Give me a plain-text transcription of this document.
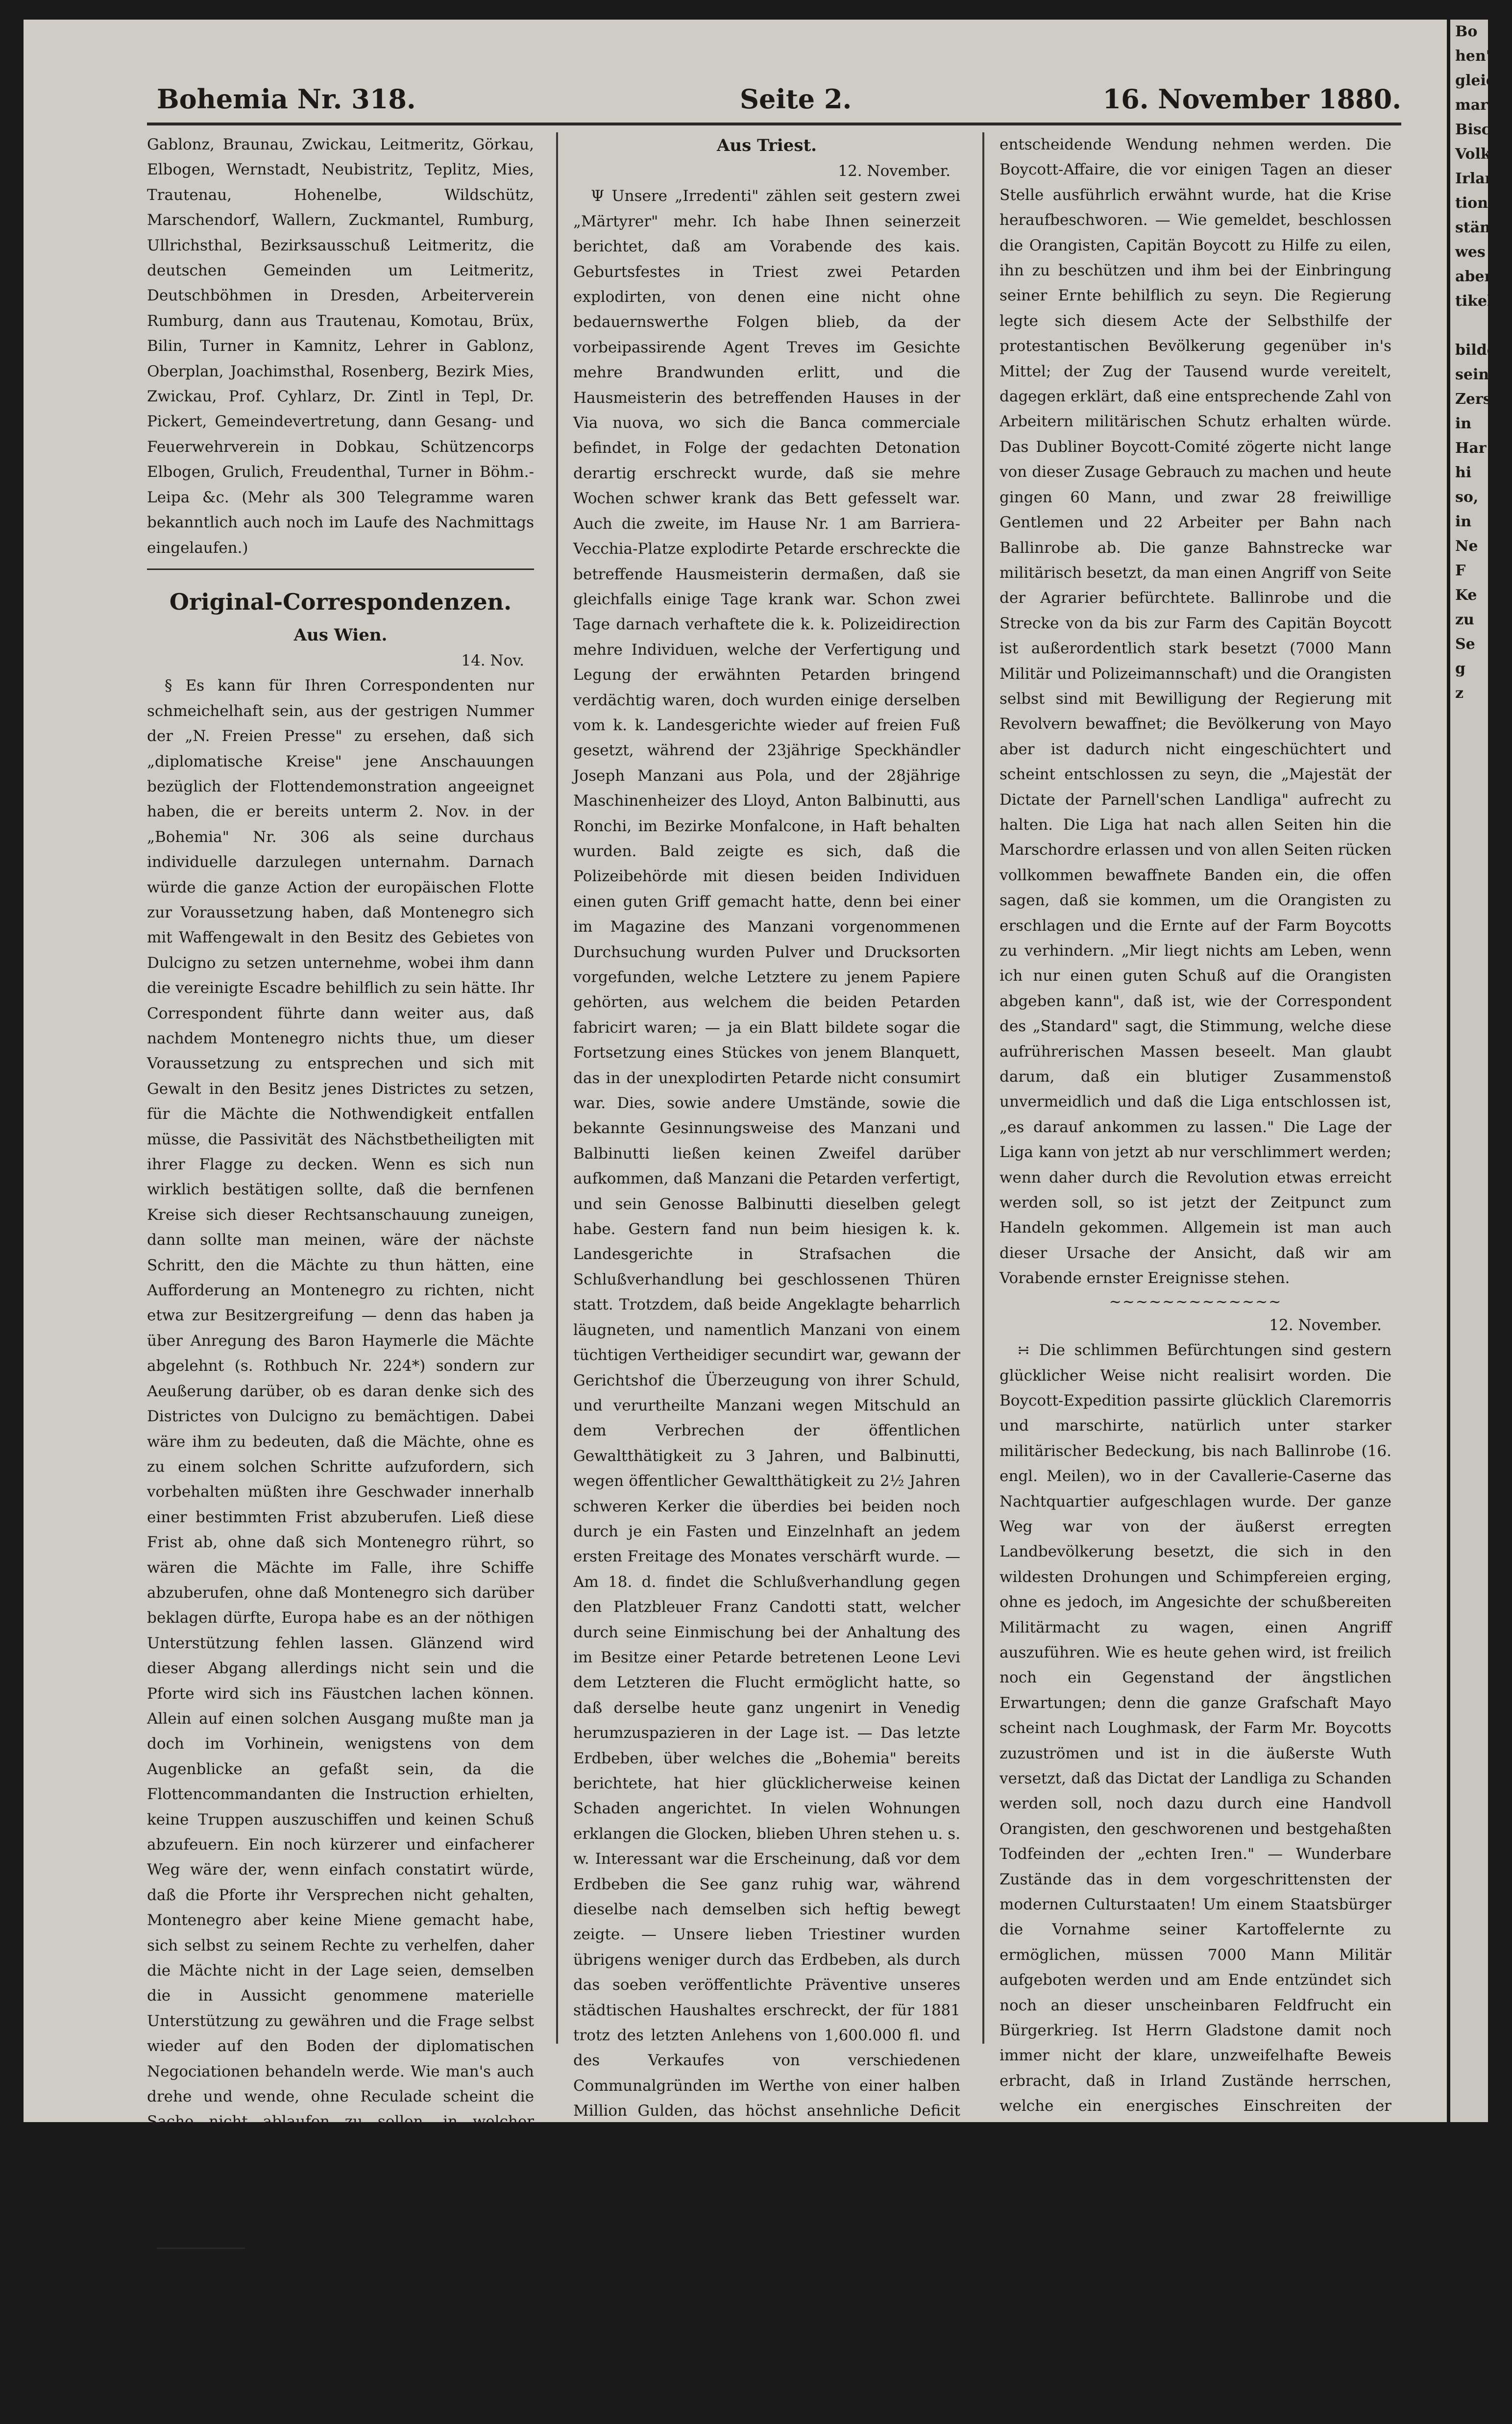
Bo
hen"
gleich
marter
Bischo
Volk
Irlan
tion
stände
wes
abend
tikel

bilde
seine
Zers
in
Har
hi
so,
in
Ne
F
Ke
zu
Se
g
z
Bohemia Nr. 318.	Seite 2.	16. November 1880.

Gablonz, Braunau, Zwickau, Leitmeritz, Görkau, Elbogen, Wernstadt, Neubistritz, Teplitz, Mies, Trautenau, Hohenelbe, Wildschütz, Marschendorf, Wallern, Zuckmantel, Rumburg, Ullrichsthal, Bezirksausschuß Leitmeritz, die deutschen Gemeinden um Leitmeritz, Deutschböhmen in Dresden, Arbeiterverein Rumburg, dann aus Trautenau, Komotau, Brüx, Bilin, Turner in Kamnitz, Lehrer in Gablonz, Oberplan, Joachimsthal, Rosenberg, Bezirk Mies, Zwickau, Prof. Cyhlarz, Dr. Zintl in Tepl, Dr. Pickert, Gemeindevertretung, dann Gesang- und Feuerwehrverein in Dobkau, Schützencorps Elbogen, Grulich, Freudenthal, Turner in Böhm.-Leipa &c. (Mehr als 300 Telegramme waren bekanntlich auch noch im Laufe des Nachmittags eingelaufen.)

Original-Correspondenzen.
Aus Wien.
14. Nov.

§ Es kann für Ihren Correspondenten nur schmeichelhaft sein, aus der gestrigen Nummer der „N. Freien Presse" zu ersehen, daß sich „diplomatische Kreise" jene Anschauungen bezüglich der Flottendemonstration angeeignet haben, die er bereits unterm 2. Nov. in der „Bohemia" Nr. 306 als seine durchaus individuelle darzulegen unternahm. Darnach würde die ganze Action der europäischen Flotte zur Voraussetzung haben, daß Montenegro sich mit Waffengewalt in den Besitz des Gebietes von Dulcigno zu setzen unternehme, wobei ihm dann die vereinigte Escadre behilflich zu sein hätte. Ihr Correspondent führte dann weiter aus, daß nachdem Montenegro nichts thue, um dieser Voraussetzung zu entsprechen und sich mit Gewalt in den Besitz jenes Districtes zu setzen, für die Mächte die Nothwendigkeit entfallen müsse, die Passivität des Nächstbetheiligten mit ihrer Flagge zu decken. Wenn es sich nun wirklich bestätigen sollte, daß die bernfenen Kreise sich dieser Rechtsanschauung zuneigen, dann sollte man meinen, wäre der nächste Schritt, den die Mächte zu thun hätten, eine Aufforderung an Montenegro zu richten, nicht etwa zur Besitzergreifung — denn das haben ja über Anregung des Baron Haymerle die Mächte abgelehnt (s. Rothbuch Nr. 224*) sondern zur Aeußerung darüber, ob es daran denke sich des Districtes von Dulcigno zu bemächtigen. Dabei wäre ihm zu bedeuten, daß die Mächte, ohne es zu einem solchen Schritte aufzufordern, sich vorbehalten müßten ihre Geschwader innerhalb einer bestimmten Frist abzuberufen. Ließ diese Frist ab, ohne daß sich Montenegro rührt, so wären die Mächte im Falle, ihre Schiffe abzuberufen, ohne daß Montenegro sich darüber beklagen dürfte, Europa habe es an der nöthigen Unterstützung fehlen lassen. Glänzend wird dieser Abgang allerdings nicht sein und die Pforte wird sich ins Fäustchen lachen können. Allein auf einen solchen Ausgang mußte man ja doch im Vorhinein, wenigstens von dem Augenblicke an gefaßt sein, da die Flottencommandanten die Instruction erhielten, keine Truppen auszuschiffen und keinen Schuß abzufeuern. Ein noch kürzerer und einfacherer Weg wäre der, wenn einfach constatirt würde, daß die Pforte ihr Versprechen nicht gehalten, Montenegro aber keine Miene gemacht habe, sich selbst zu seinem Rechte zu verhelfen, daher die Mächte nicht in der Lage seien, demselben die in Aussicht genommene materielle Unterstützung zu gewähren und die Frage selbst wieder auf den Boden der diplomatischen Negociationen behandeln werde. Wie man's auch drehe und wende, ohne Reculade scheint die Sache nicht ablaufen zu sollen, in welcher Wortbruch und Ohnmacht der beiden Hauptbetheiligten es so schwer machen die Grundsätze des internationalen Rechtes zur Anwendung zu bringen.

* Baron Haymerle an Graf Karolyi, 6. Juli: „Es erscheint uns nicht rathsam eine directe Aufforderung an Montenegro zu richten, daß ihm zugewiesene Gebiet mit Waffengewalt zu besetzen. Eine solche Aufforderung würde die Verantwortlichkeit für alle Consequenzen von Montenegro — auf die Mächte übertragen und eine moralische Verpflichtung begründen, Montenegro gegen jeden Mißerfolg zu schützen . . . ."

Aus Triest.
12. November.

Ψ Unsere „Irredenti" zählen seit gestern zwei „Märtyrer" mehr. Ich habe Ihnen seinerzeit berichtet, daß am Vorabende des kais. Geburtsfestes in Triest zwei Petarden explodirten, von denen eine nicht ohne bedauernswerthe Folgen blieb, da der vorbeipassirende Agent Treves im Gesichte mehre Brandwunden erlitt, und die Hausmeisterin des betreffenden Hauses in der Via nuova, wo sich die Banca commerciale befindet, in Folge der gedachten Detonation derartig erschreckt wurde, daß sie mehre Wochen schwer krank das Bett gefesselt war. Auch die zweite, im Hause Nr. 1 am Barriera-Vecchia-Platze explodirte Petarde erschreckte die betreffende Hausmeisterin dermaßen, daß sie gleichfalls einige Tage krank war. Schon zwei Tage darnach verhaftete die k. k. Polizeidirection mehre Individuen, welche der Verfertigung und Legung der erwähnten Petarden bringend verdächtig waren, doch wurden einige derselben vom k. k. Landesgerichte wieder auf freien Fuß gesetzt, während der 23jährige Speckhändler Joseph Manzani aus Pola, und der 28jährige Maschinenheizer des Lloyd, Anton Balbinutti, aus Ronchi, im Bezirke Monfalcone, in Haft behalten wurden. Bald zeigte es sich, daß die Polizeibehörde mit diesen beiden Individuen einen guten Griff gemacht hatte, denn bei einer im Magazine des Manzani vorgenommenen Durchsuchung wurden Pulver und Drucksorten vorgefunden, welche Letztere zu jenem Papiere gehörten, aus welchem die beiden Petarden fabricirt waren; — ja ein Blatt bildete sogar die Fortsetzung eines Stückes von jenem Blanquett, das in der unexplodirten Petarde nicht consumirt war. Dies, sowie andere Umstände, sowie die bekannte Gesinnungsweise des Manzani und Balbinutti ließen keinen Zweifel darüber aufkommen, daß Manzani die Petarden verfertigt, und sein Genosse Balbinutti dieselben gelegt habe. Gestern fand nun beim hiesigen k. k. Landesgerichte in Strafsachen die Schlußverhandlung bei geschlossenen Thüren statt. Trotzdem, daß beide Angeklagte beharrlich läugneten, und namentlich Manzani von einem tüchtigen Vertheidiger secundirt war, gewann der Gerichtshof die Überzeugung von ihrer Schuld, und verurtheilte Manzani wegen Mitschuld an dem Verbrechen der öffentlichen Gewaltthätigkeit zu 3 Jahren, und Balbinutti, wegen öffentlicher Gewaltthätigkeit zu 2½ Jahren schweren Kerker die überdies bei beiden noch durch je ein Fasten und Einzelnhaft an jedem ersten Freitage des Monates verschärft wurde. — Am 18. d. findet die Schlußverhandlung gegen den Platzbleuer Franz Candotti statt, welcher durch seine Einmischung bei der Anhaltung des im Besitze einer Petarde betretenen Leone Levi dem Letzteren die Flucht ermöglicht hatte, so daß derselbe heute ganz ungenirt in Venedig herumzuspazieren in der Lage ist. — Das letzte Erdbeben, über welches die „Bohemia" bereits berichtete, hat hier glücklicherweise keinen Schaden angerichtet. In vielen Wohnungen erklangen die Glocken, blieben Uhren stehen u. s. w. Interessant war die Erscheinung, daß vor dem Erdbeben die See ganz ruhig war, während dieselbe nach demselben sich heftig bewegt zeigte. — Unsere lieben Triestiner wurden übrigens weniger durch das Erdbeben, als durch das soeben veröffentlichte Präventive unseres städtischen Haushaltes erschreckt, der für 1881 trotz des letzten Anlehens von 1,600.000 fl. und des Verkaufes von verschiedenen Communalgründen im Werthe von einer halben Million Gulden, das höchst ansehnliche Deficit von 132.037 fl. ausweist. — Das hiesige griechische General-Consulat hat soeben für Rechnung seiner Regierung einen großen Lloyddampfer gemiethet, der bestimmt ist, eine bedeutende Anzahl von Maulthieren von Cypern nach dem Piräus zu schaffen.

∼∼∼∼∼∼∼∼∼∼∼∼∼
Aus London.
11. November.

⚘ Mit außerordentlicher Spannung sieht man den Nachrichten aus Irland entgegen, wo die Ereignisse allem Anscheine nach heute eine

entscheidende Wendung nehmen werden. Die Boycott-Affaire, die vor einigen Tagen an dieser Stelle ausführlich erwähnt wurde, hat die Krise heraufbeschworen. — Wie gemeldet, beschlossen die Orangisten, Capitän Boycott zu Hilfe zu eilen, ihn zu beschützen und ihm bei der Einbringung seiner Ernte behilflich zu seyn. Die Regierung legte sich diesem Acte der Selbsthilfe der protestantischen Bevölkerung gegenüber in's Mittel; der Zug der Tausend wurde vereitelt, dagegen erklärt, daß eine entsprechende Zahl von Arbeitern militärischen Schutz erhalten würde. Das Dubliner Boycott-Comité zögerte nicht lange von dieser Zusage Gebrauch zu machen und heute gingen 60 Mann, und zwar 28 freiwillige Gentlemen und 22 Arbeiter per Bahn nach Ballinrobe ab. Die ganze Bahnstrecke war militärisch besetzt, da man einen Angriff von Seite der Agrarier befürchtete. Ballinrobe und die Strecke von da bis zur Farm des Capitän Boycott ist außerordentlich stark besetzt (7000 Mann Militär und Polizeimannschaft) und die Orangisten selbst sind mit Bewilligung der Regierung mit Revolvern bewaffnet; die Bevölkerung von Mayo aber ist dadurch nicht eingeschüchtert und scheint entschlossen zu seyn, die „Majestät der Dictate der Parnell'schen Landliga" aufrecht zu halten. Die Liga hat nach allen Seiten hin die Marschordre erlassen und von allen Seiten rücken vollkommen bewaffnete Banden ein, die offen sagen, daß sie kommen, um die Orangisten zu erschlagen und die Ernte auf der Farm Boycotts zu verhindern. „Mir liegt nichts am Leben, wenn ich nur einen guten Schuß auf die Orangisten abgeben kann", daß ist, wie der Correspondent des „Standard" sagt, die Stimmung, welche diese aufrührerischen Massen beseelt. Man glaubt darum, daß ein blutiger Zusammenstoß unvermeidlich und daß die Liga entschlossen ist, „es darauf ankommen zu lassen." Die Lage der Liga kann von jetzt ab nur verschlimmert werden; wenn daher durch die Revolution etwas erreicht werden soll, so ist jetzt der Zeitpunct zum Handeln gekommen. Allgemein ist man auch dieser Ursache der Ansicht, daß wir am Vorabende ernster Ereignisse stehen.

∼∼∼∼∼∼∼∼∼∼∼∼∼
12. November.

∺ Die schlimmen Befürchtungen sind gestern glücklicher Weise nicht realisirt worden. Die Boycott-Expedition passirte glücklich Claremorris und marschirte, natürlich unter starker militärischer Bedeckung, bis nach Ballinrobe (16. engl. Meilen), wo in der Cavallerie-Caserne das Nachtquartier aufgeschlagen wurde. Der ganze Weg war von der äußerst erregten Landbevölkerung besetzt, die sich in den wildesten Drohungen und Schimpfereien erging, ohne es jedoch, im Angesichte der schußbereiten Militärmacht zu wagen, einen Angriff auszuführen. Wie es heute gehen wird, ist freilich noch ein Gegenstand der ängstlichen Erwartungen; denn die ganze Grafschaft Mayo scheint nach Loughmask, der Farm Mr. Boycotts zuzuströmen und ist in die äußerste Wuth versetzt, daß das Dictat der Landliga zu Schanden werden soll, noch dazu durch eine Handvoll Orangisten, den geschworenen und bestgehaßten Todfeinden der „echten Iren." — Wunderbare Zustände das in dem vorgeschrittensten der modernen Culturstaaten! Um einem Staatsbürger die Vornahme seiner Kartoffelernte zu ermöglichen, müssen 7000 Mann Militär aufgeboten werden und am Ende entzündet sich noch an dieser unscheinbaren Feldfrucht ein Bürgerkrieg. Ist Herrn Gladstone damit noch immer nicht der klare, unzweifelhafte Beweis erbracht, daß in Irland Zustände herrschen, welche ein energisches Einschreiten der Regierung nothwendig machen? Würde in einem zweiten Culturstaate auch nur der zehnte Theil dessen geduldet werden, was in Irland seit Monaten ungestraft geschieht? Heute liegen wieder mehre Nachrichten über neue Agrarverbrechen vor. In Sligo wurde ein Mann Namens Kesleham in der Nacht aus dem Bette geholt und mit einem rothglühenden Eisen gebrandmarkt. Sein „Verbrechen" war, daß er für einen Gastwirth arbeitete, der eine „verfehmte" Farm pachtete. — Ein anderer Farmer, der wieder das „Verbre-
